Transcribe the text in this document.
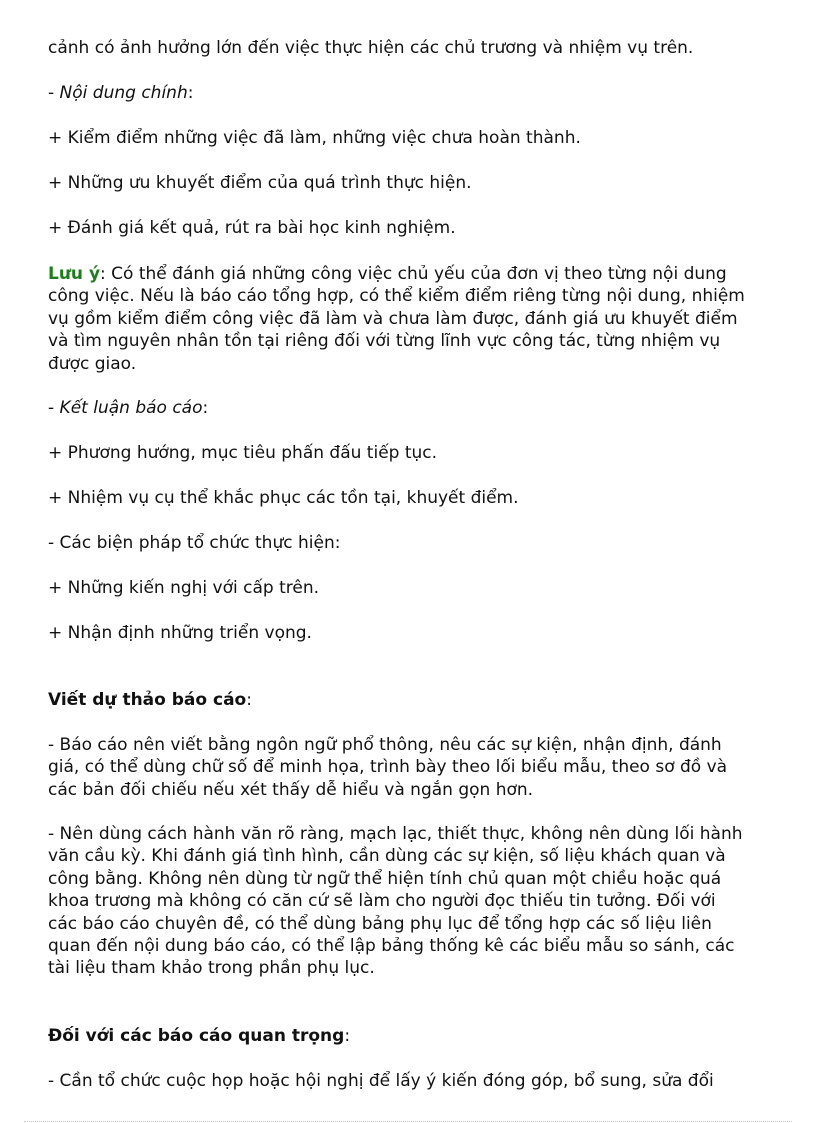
cảnh có ảnh hưởng lớn đến việc thực hiện các chủ trương và nhiệm vụ trên.
- Nội dung chính:
+ Kiểm điểm những việc đã làm, những việc chưa hoàn thành.
+ Những ưu khuyết điểm của quá trình thực hiện.
+ Đánh giá kết quả, rút ra bài học kinh nghiệm.
Lưu ý: Có thể đánh giá những công việc chủ yếu của đơn vị theo từng nội dung
công việc. Nếu là báo cáo tổng hợp, có thể kiểm điểm riêng từng nội dung, nhiệm
vụ gồm kiểm điểm công việc đã làm và chưa làm được, đánh giá ưu khuyết điểm
và tìm nguyên nhân tồn tại riêng đối với từng lĩnh vực công tác, từng nhiệm vụ
được giao.
- Kết luận báo cáo:
+ Phương hướng, mục tiêu phấn đấu tiếp tục.
+ Nhiệm vụ cụ thể khắc phục các tồn tại, khuyết điểm.
- Các biện pháp tổ chức thực hiện:
+ Những kiến nghị với cấp trên.
+ Nhận định những triển vọng.
Viết dự thảo báo cáo:
- Báo cáo nên viết bằng ngôn ngữ phổ thông, nêu các sự kiện, nhận định, đánh
giá, có thể dùng chữ số để minh họa, trình bày theo lối biểu mẫu, theo sơ đồ và
các bản đối chiếu nếu xét thấy dễ hiểu và ngắn gọn hơn.
- Nên dùng cách hành văn rõ ràng, mạch lạc, thiết thực, không nên dùng lối hành
văn cầu kỳ. Khi đánh giá tình hình, cần dùng các sự kiện, số liệu khách quan và
công bằng. Không nên dùng từ ngữ thể hiện tính chủ quan một chiều hoặc quá
khoa trương mà không có căn cứ sẽ làm cho người đọc thiếu tin tưởng. Đối với
các báo cáo chuyên đề, có thể dùng bảng phụ lục để tổng hợp các số liệu liên
quan đến nội dung báo cáo, có thể lập bảng thống kê các biểu mẫu so sánh, các
tài liệu tham khảo trong phần phụ lục.
Đối với các báo cáo quan trọng:
- Cần tổ chức cuộc họp hoặc hội nghị để lấy ý kiến đóng góp, bổ sung, sửa đổi
